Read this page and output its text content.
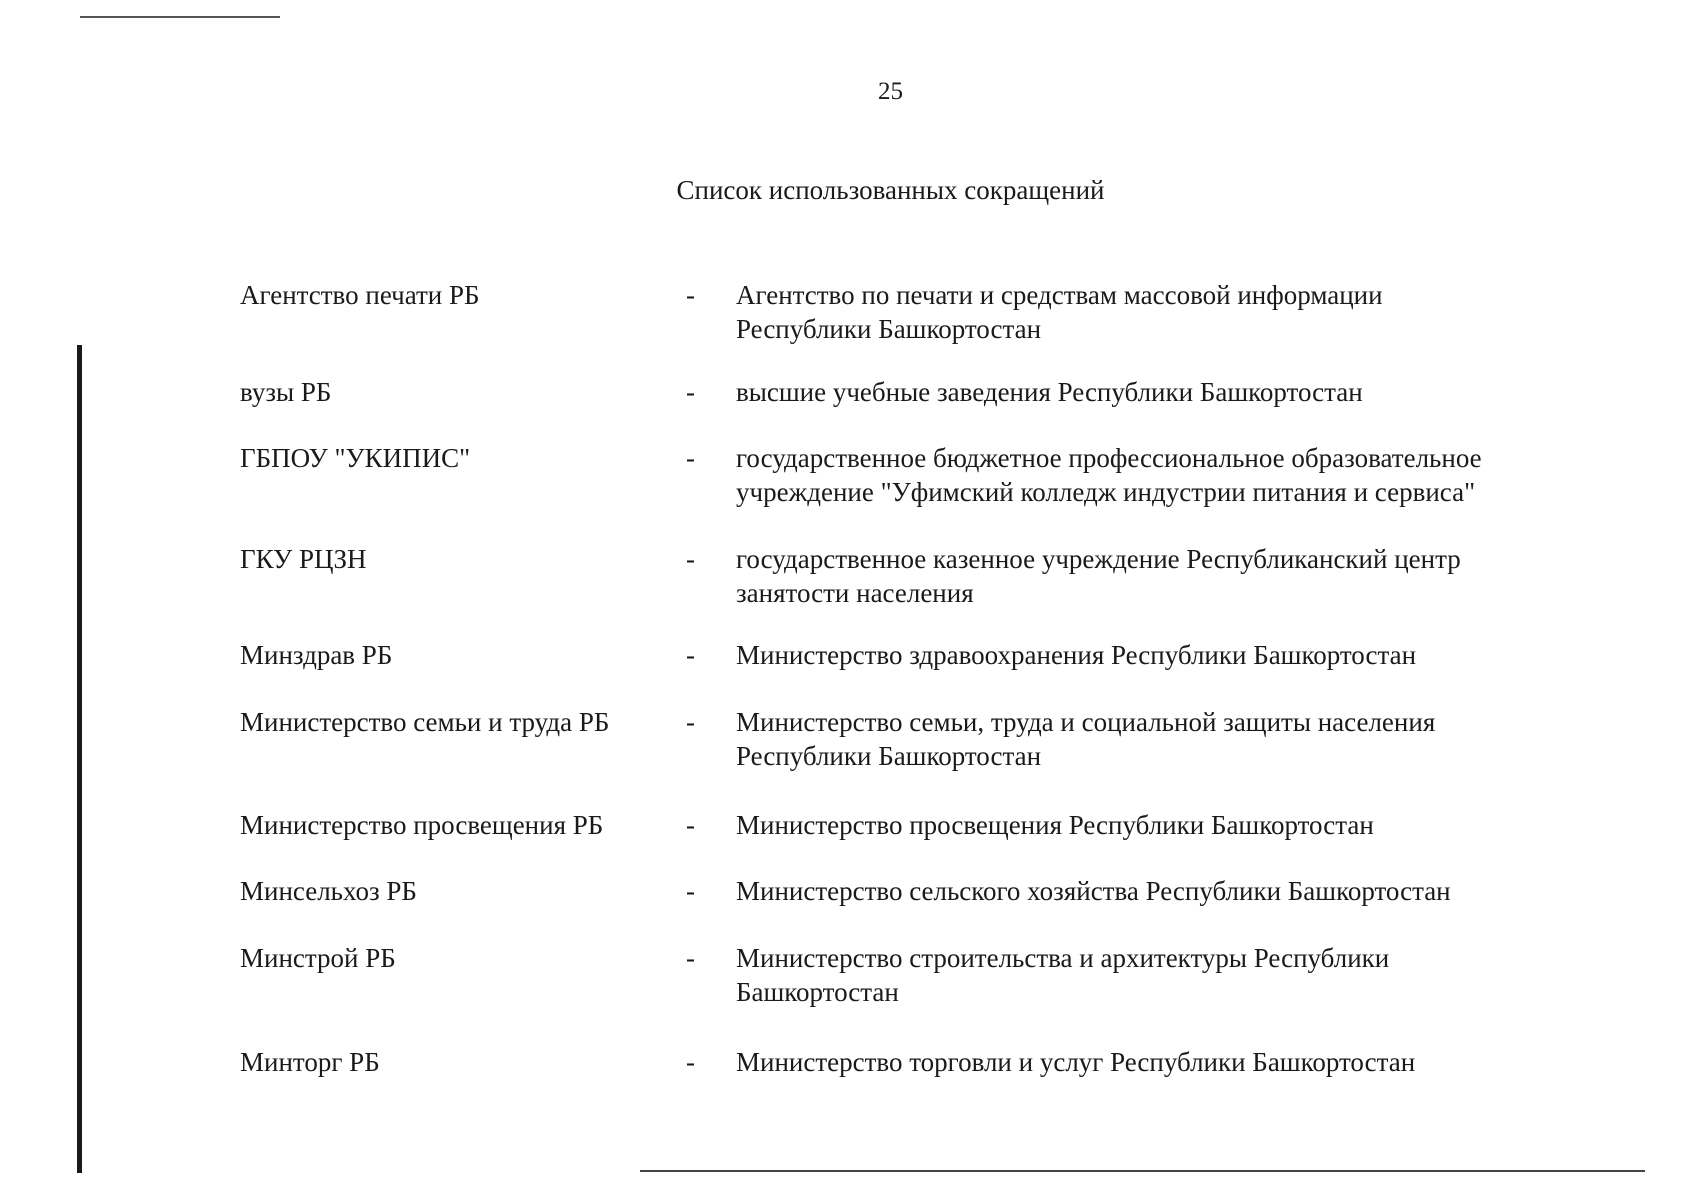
25
Список использованных сокращений
Агентство печати РБ	-	Агентство по печати и средствам массовой информации Республики Башкортостан
вузы РБ	-	высшие учебные заведения Республики Башкортостан
ГБПОУ "УКИПИС"	-	государственное бюджетное профессиональное образовательное учреждение "Уфимский колледж индустрии питания и сервиса"
ГКУ РЦЗН	-	государственное казенное учреждение Республиканский центр занятости населения
Минздрав РБ	-	Министерство здравоохранения Республики Башкортостан
Министерство семьи и труда РБ	-	Министерство семьи, труда и социальной защиты населения Республики Башкортостан
Министерство просвещения РБ	-	Министерство просвещения Республики Башкортостан
Минсельхоз РБ	-	Министерство сельского хозяйства Республики Башкортостан
Минстрой РБ	-	Министерство строительства и архитектуры Республики Башкортостан
Минторг РБ	-	Министерство торговли и услуг Республики Башкортостан
